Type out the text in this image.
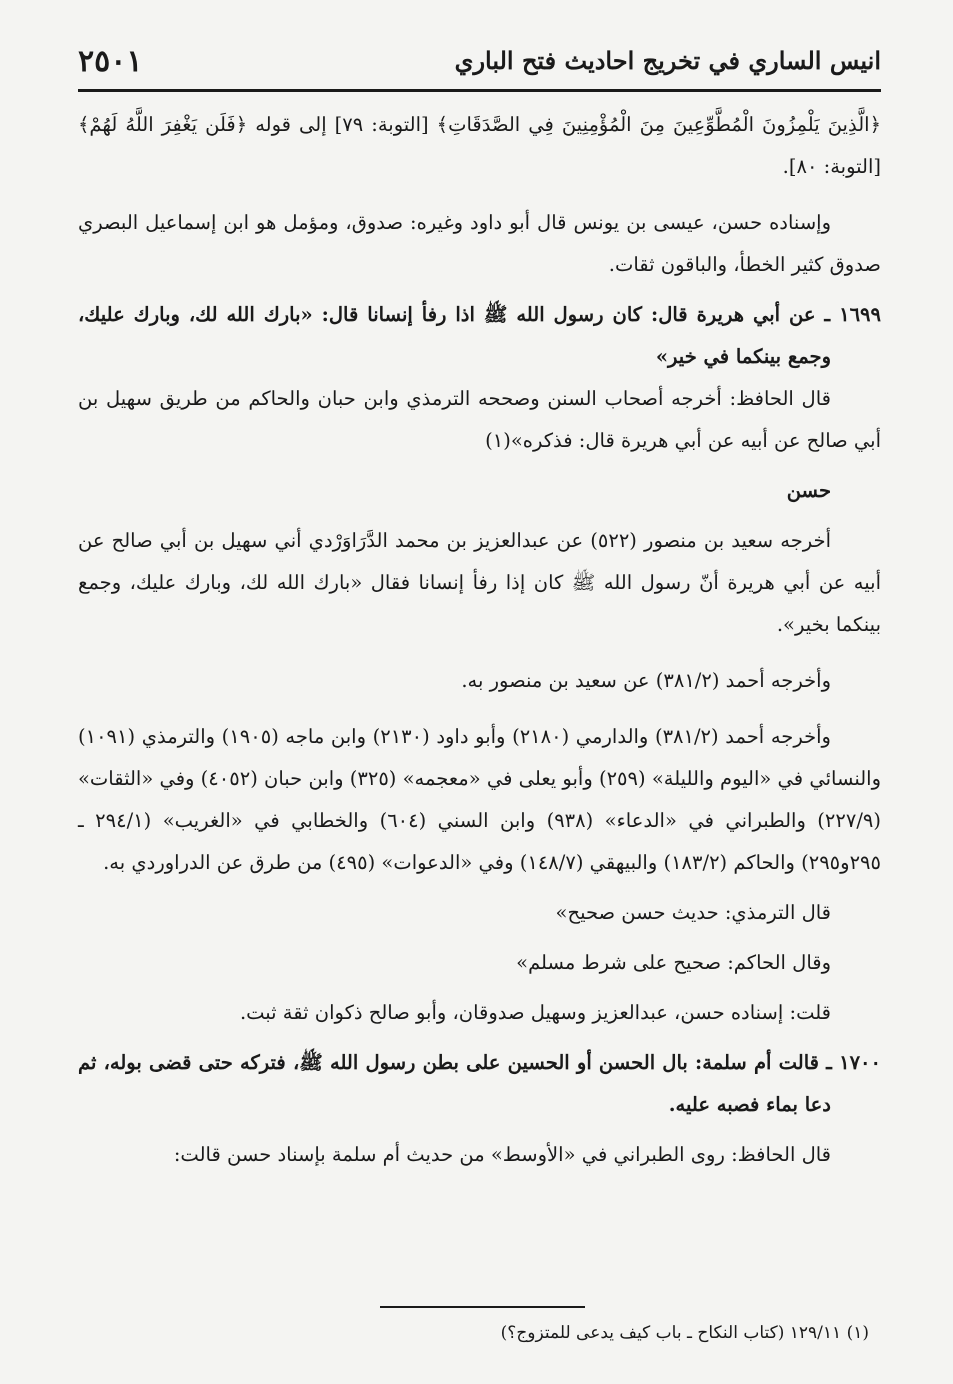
انيس الساري في تخريج احاديث فتح الباري
٢٥٠١

﴿الَّذِينَ يَلْمِزُونَ الْمُطَّوِّعِينَ مِنَ الْمُؤْمِنِينَ فِي الصَّدَقَاتِ﴾ [التوبة: ٧٩] إلى قوله ﴿فَلَن يَغْفِرَ اللَّهُ لَهُمْ﴾ [التوبة: ٨٠].

وإسناده حسن، عيسى بن يونس قال أبو داود وغيره: صدوق، ومؤمل هو ابن إسماعيل البصري صدوق كثير الخطأ، والباقون ثقات.

١٦٩٩ ـ عن أبي هريرة قال: كان رسول الله ﷺ اذا رفأ إنسانا قال: «بارك الله لك، وبارك عليك، وجمع بينكما في خير»

قال الحافظ: أخرجه أصحاب السنن وصححه الترمذي وابن حبان والحاكم من طريق سهيل بن أبي صالح عن أبيه عن أبي هريرة قال: فذكره»(١)

حسن

أخرجه سعيد بن منصور (٥٢٢) عن عبدالعزيز بن محمد الدَّرَاوَرْدي أني سهيل بن أبي صالح عن أبيه عن أبي هريرة أنّ رسول الله ﷺ كان إذا رفأ إنسانا فقال «بارك الله لك، وبارك عليك، وجمع بينكما بخير».

وأخرجه أحمد (٣٨١/٢) عن سعيد بن منصور به.

وأخرجه أحمد (٣٨١/٢) والدارمي (٢١٨٠) وأبو داود (٢١٣٠) وابن ماجه (١٩٠٥) والترمذي (١٠٩١) والنسائي في «اليوم والليلة» (٢٥٩) وأبو يعلى في «معجمه» (٣٢٥) وابن حبان (٤٠٥٢) وفي «الثقات» (٢٢٧/٩) والطبراني في «الدعاء» (٩٣٨) وابن السني (٦٠٤) والخطابي في «الغريب» (٢٩٤/١ ـ ٢٩٥و٢٩٥) والحاكم (١٨٣/٢) والبيهقي (١٤٨/٧) وفي «الدعوات» (٤٩٥) من طرق عن الدراوردي به.

قال الترمذي: حديث حسن صحيح»

وقال الحاكم: صحيح على شرط مسلم»

قلت: إسناده حسن، عبدالعزيز وسهيل صدوقان، وأبو صالح ذكوان ثقة ثبت.

١٧٠٠ ـ قالت أم سلمة: بال الحسن أو الحسين على بطن رسول الله ﷺ، فتركه حتى قضى بوله، ثم دعا بماء فصبه عليه.

قال الحافظ: روى الطبراني في «الأوسط» من حديث أم سلمة بإسناد حسن قالت:

(١) ١٢٩/١١ (كتاب النكاح ـ باب كيف يدعى للمتزوج؟)
